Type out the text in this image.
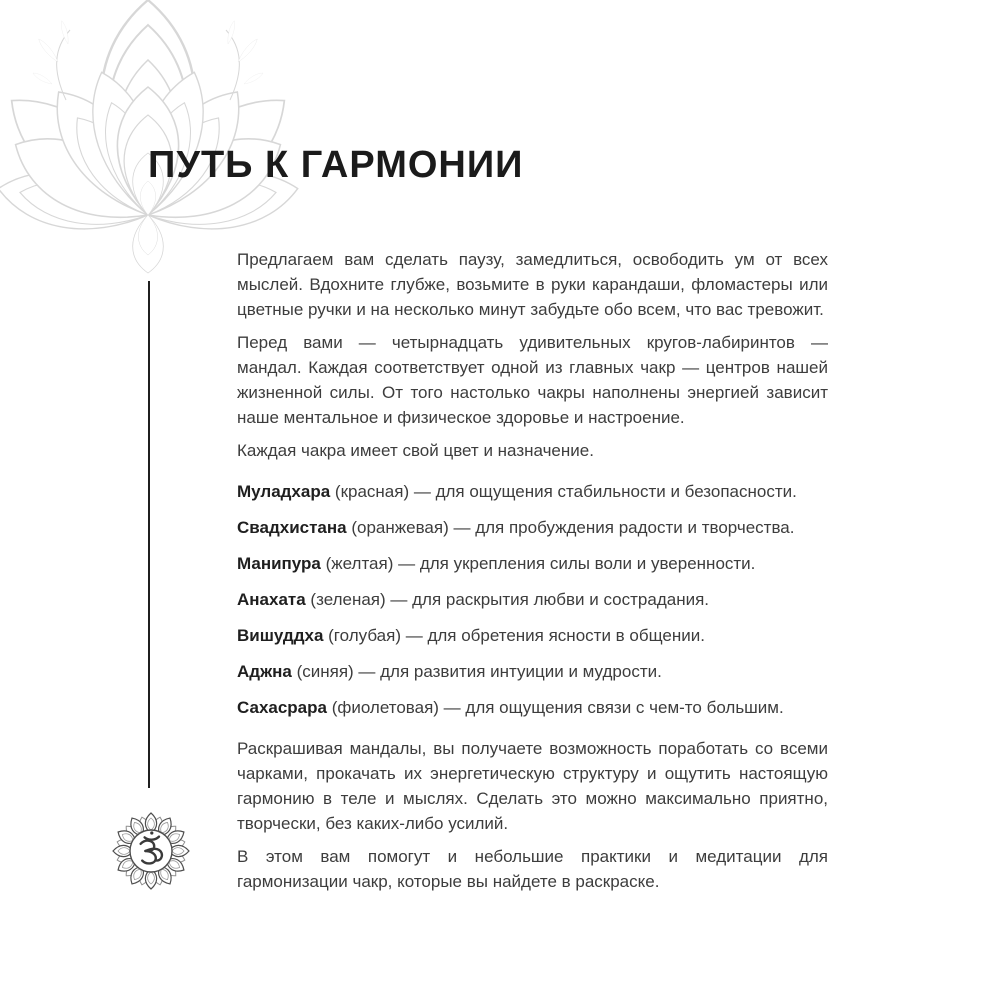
ПУТЬ К ГАРМОНИИ

Предлагаем вам сделать паузу, замедлиться, освободить ум от всех мыслей. Вдохните глубже, возьмите в руки карандаши, фломастеры или цветные ручки и на несколько минут забудьте обо всем, что вас тревожит.

Перед вами — четырнадцать удивительных кругов-лабиринтов — мандал. Каждая соответствует одной из главных чакр — центров нашей жизненной силы. От того настолько чакры наполнены энергией зависит наше ментальное и физическое здоровье и настроение.

Каждая чакра имеет свой цвет и назначение.

Муладхара (красная) — для ощущения стабильности и безопасности.
Свадхистана (оранжевая) — для пробуждения радости и творчества.
Манипура (желтая) — для укрепления силы воли и уверенности.
Анахата (зеленая) — для раскрытия любви и сострадания.
Вишуддха (голубая) — для обретения ясности в общении.
Аджна (синяя) — для развития интуиции и мудрости.
Сахасрара (фиолетовая) — для ощущения связи с чем-то большим.

Раскрашивая мандалы, вы получаете возможность поработать со всеми чарками, прокачать их энергетическую структуру и ощутить настоящую гармонию в теле и мыслях. Сделать это можно максимально приятно, творчески, без каких-либо усилий.

В этом вам помогут и небольшие практики и медитации для гармонизации чакр, которые вы найдете в раскраске.
